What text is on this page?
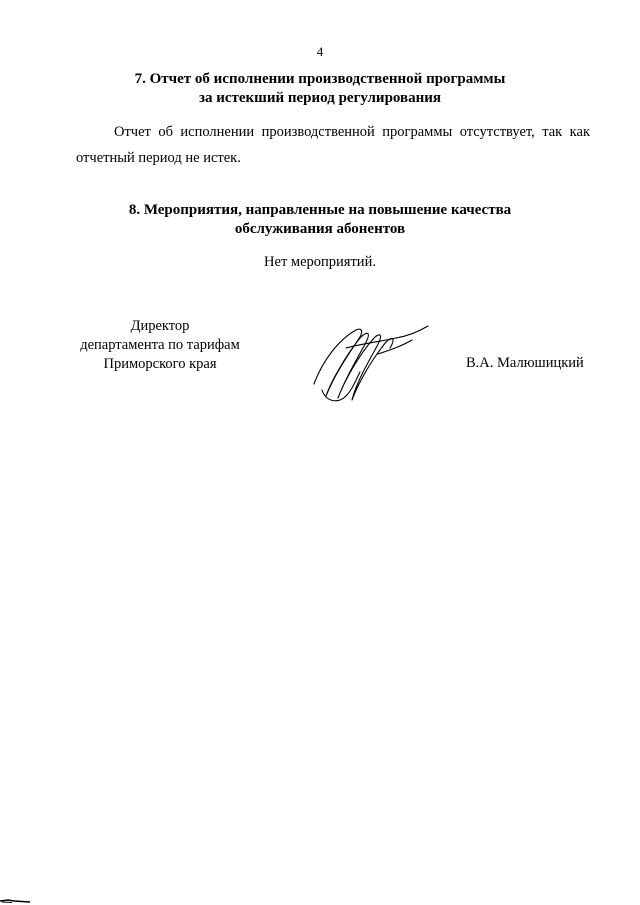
4
7. Отчет об исполнении производственной программы
за истекший период регулирования
Отчет об исполнении производственной программы отсутствует, так как
отчетный период не истек.
8. Мероприятия, направленные на повышение качества
обслуживания абонентов
Нет мероприятий.
Директор
департамента по тарифам
Приморского края	В.А. Малюшицкий
